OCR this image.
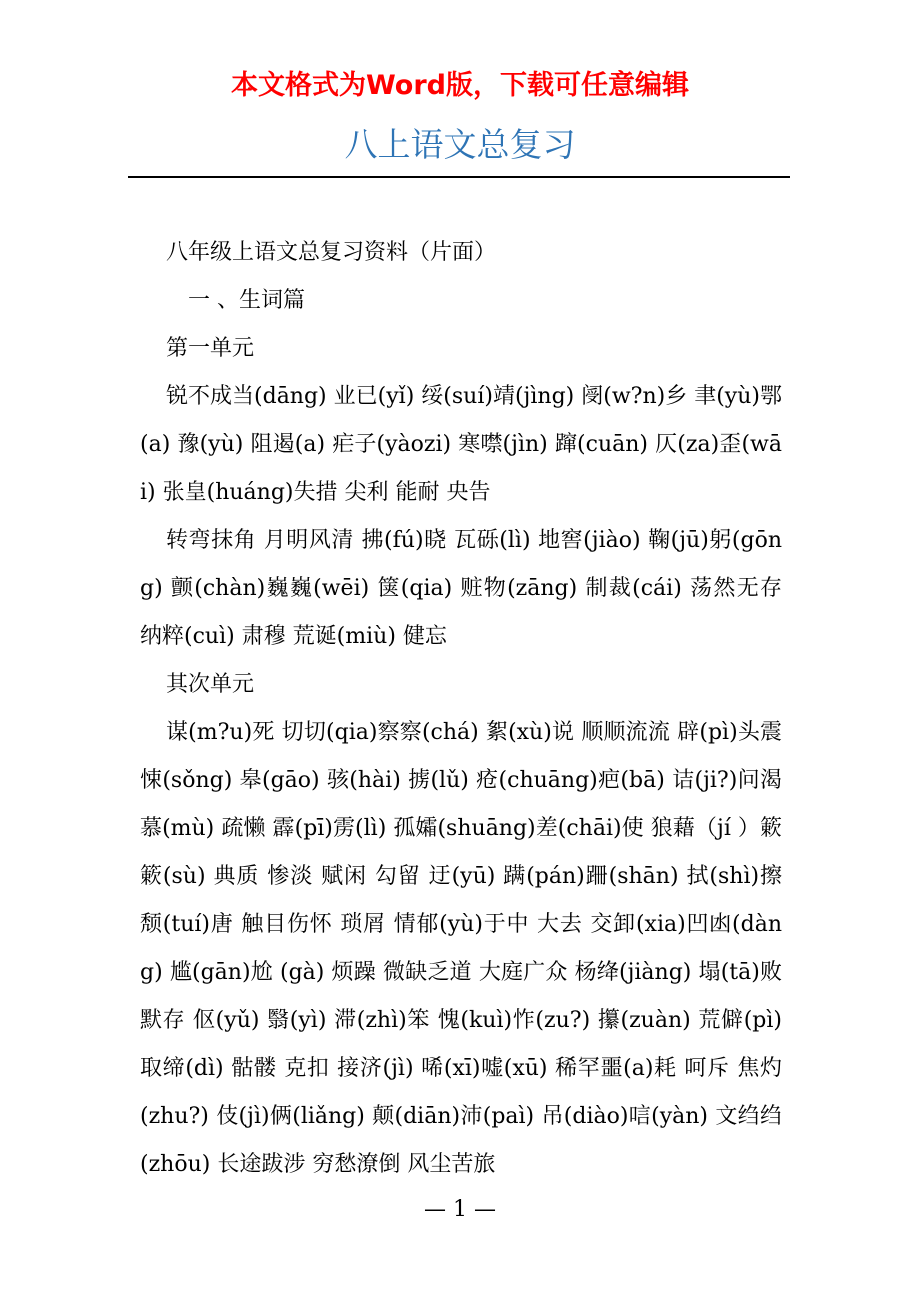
本文格式为Word版，下载可任意编辑
八上语文总复习

八年级上语文总复习资料（片面）

一 、生词篇

第一单元

锐不成当(dāng) 业已(yǐ) 绥(suí)靖(jìng) 阌(w?n)乡 聿(yù)鄂(a) 豫(yù) 阻遏(a) 疟子(yàozi) 寒噤(jìn) 蹿(cuān) 仄(za)歪(wāi) 张皇(huáng)失措 尖利 能耐 央告

转弯抹角 月明风清 拂(fú)晓 瓦砾(lì) 地窖(jiào) 鞠(jū)躬(gōng) 颤(chàn)巍巍(wēi) 箧(qia) 赃物(zāng) 制裁(cái) 荡然无存 纳粹(cuì) 肃穆 荒诞(miù) 健忘

其次单元

谋(m?u)死 切切(qia)察察(chá) 絮(xù)说 顺顺流流 辟(pì)头震悚(sǒng) 皋(gāo) 骇(hài) 掳(lǔ) 疮(chuāng)疤(bā) 诘(ji?)问渴慕(mù) 疏懒 霹(pī)雳(lì) 孤孀(shuāng)差(chāi)使 狼藉（jí ）簌簌(sù) 典质 惨淡 赋闲 勾留 迂(yū) 蹒(pán)跚(shān) 拭(shì)擦 颓(tuí)唐 触目伤怀 琐屑 情郁(yù)于中 大去 交卸(xia)凹凼(dàng) 尴(gān)尬 (gà) 烦躁 微缺乏道 大庭广众 杨绛(jiàng) 塌(tā)败 默存 伛(yǔ) 翳(yì) 滞(zhì)笨 愧(kuì)怍(zu?) 攥(zuàn) 荒僻(pì) 取缔(dì) 骷髅 克扣 接济(jì) 唏(xī)嘘(xū) 稀罕噩(a)耗 呵斥 焦灼(zhu?) 伎(jì)俩(liǎng) 颠(diān)沛(paì) 吊(diào)唁(yàn) 文绉绉(zhōu) 长途跋涉 穷愁潦倒 风尘苦旅

— 1 —
